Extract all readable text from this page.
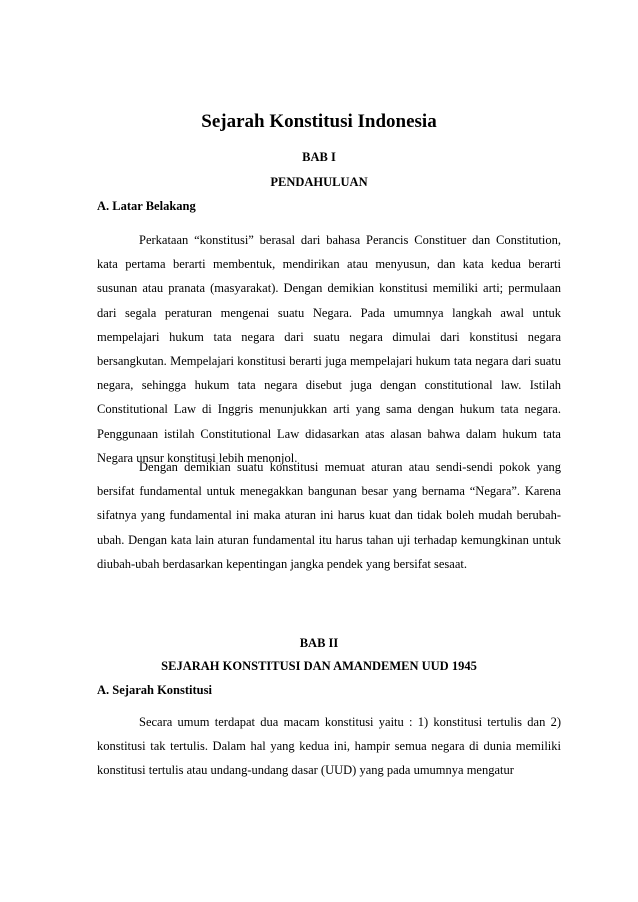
Sejarah Konstitusi Indonesia

BAB I

PENDAHULUAN

A. Latar Belakang

Perkataan “konstitusi” berasal dari bahasa Perancis Constituer dan Constitution, kata pertama berarti membentuk, mendirikan atau menyusun, dan kata kedua berarti susunan atau pranata (masyarakat). Dengan demikian konstitusi memiliki arti; permulaan dari segala peraturan mengenai suatu Negara. Pada umumnya langkah awal untuk mempelajari hukum tata negara dari suatu negara dimulai dari konstitusi negara bersangkutan. Mempelajari konstitusi berarti juga mempelajari hukum tata negara dari suatu negara, sehingga hukum tata negara disebut juga dengan constitutional law. Istilah Constitutional Law di Inggris menunjukkan arti yang sama dengan hukum tata negara. Penggunaan istilah Constitutional Law didasarkan atas alasan bahwa dalam hukum tata Negara unsur konstitusi lebih menonjol.

Dengan demikian suatu konstitusi memuat aturan atau sendi-sendi pokok yang bersifat fundamental untuk menegakkan bangunan besar yang bernama “Negara”. Karena sifatnya yang fundamental ini maka aturan ini harus kuat dan tidak boleh mudah berubah-ubah. Dengan kata lain aturan fundamental itu harus tahan uji terhadap kemungkinan untuk diubah-ubah berdasarkan kepentingan jangka pendek yang bersifat sesaat.

BAB II

SEJARAH KONSTITUSI DAN AMANDEMEN UUD 1945

A. Sejarah Konstitusi

Secara umum terdapat dua macam konstitusi yaitu : 1) konstitusi tertulis dan 2) konstitusi tak tertulis. Dalam hal yang kedua ini, hampir semua negara di dunia memiliki konstitusi tertulis atau undang-undang dasar (UUD) yang pada umumnya mengatur
